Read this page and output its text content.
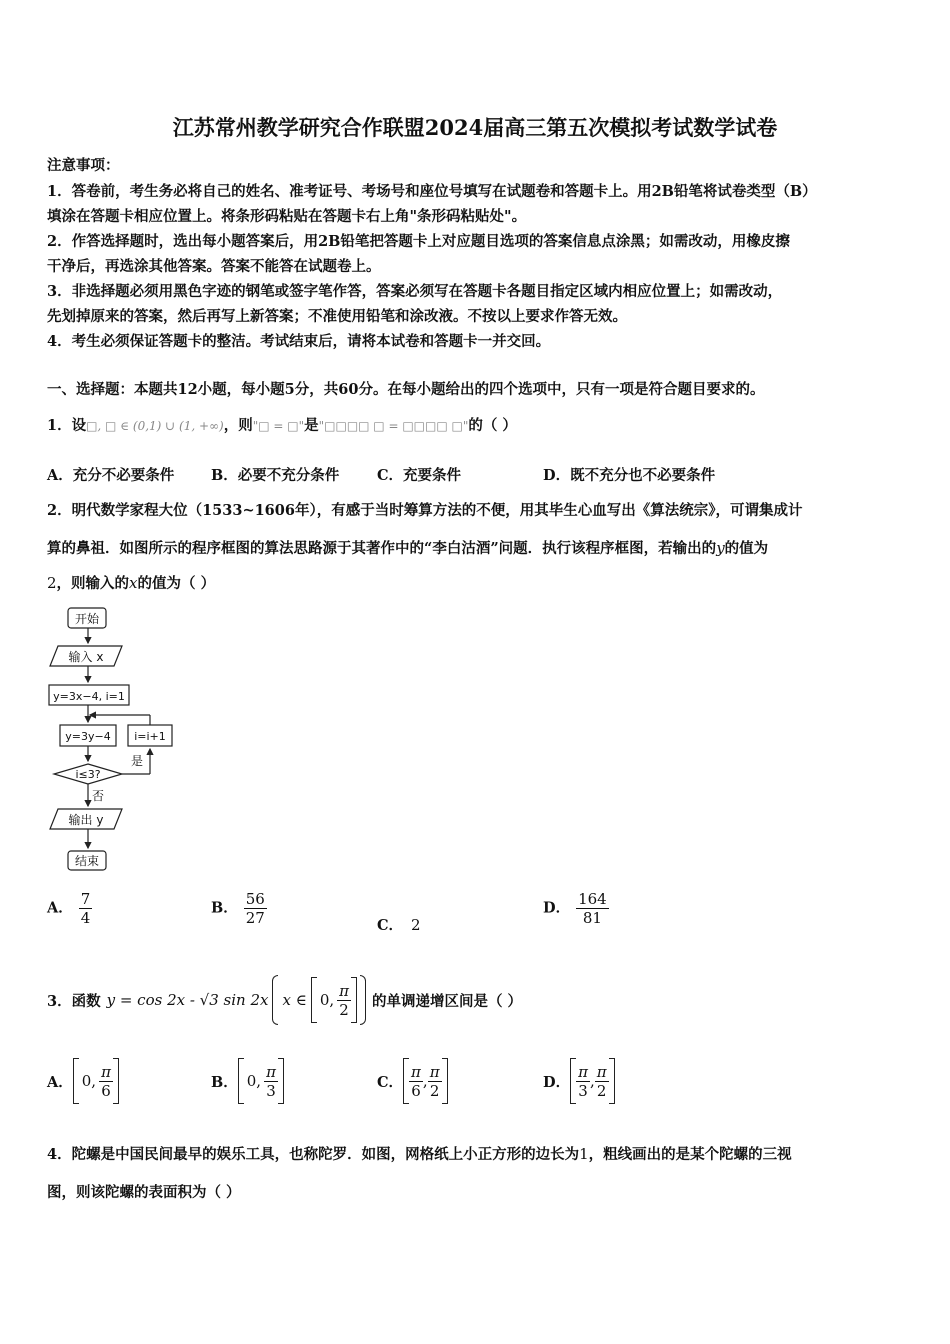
江苏常州教学研究合作联盟2024届高三第五次模拟考试数学试卷
注意事项：
1．答卷前，考生务必将自己的姓名、准考证号、考场号和座位号填写在试题卷和答题卡上。用2B铅笔将试卷类型（B）
填涂在答题卡相应位置上。将条形码粘贴在答题卡右上角"条形码粘贴处"。
2．作答选择题时，选出每小题答案后，用2B铅笔把答题卡上对应题目选项的答案信息点涂黑；如需改动，用橡皮擦
干净后，再选涂其他答案。答案不能答在试题卷上。
3．非选择题必须用黑色字迹的钢笔或签字笔作答，答案必须写在答题卡各题目指定区域内相应位置上；如需改动，
先划掉原来的答案，然后再写上新答案；不准使用铅笔和涂改液。不按以上要求作答无效。
4．考生必须保证答题卡的整洁。考试结束后，请将本试卷和答题卡一并交回。
一、选择题：本题共12小题，每小题5分，共60分。在每小题给出的四个选项中，只有一项是符合题目要求的。
1．设□, □ ∈ (0,1) ∪ (1, +∞)，则"□ = □"是"□□□□ □ = □□□□ □"的（ ）
A．充分不必要条件	B．必要不充分条件	C．充要条件	D．既不充分也不必要条件
2．明代数学家程大位（1533~1606年），有感于当时筹算方法的不便，用其毕生心血写出《算法统宗》，可谓集成计
算的鼻祖．如图所示的程序框图的算法思路源于其著作中的“李白沽酒”问题．执行该程序框图，若输出的y的值为
2，则输入的x的值为（ ）
开始
输入 x
y=3x−4, i=1
y=3y−4 i=i+1
i≤3?
是
否
输出 y
结束
A． $\frac{7}{4}$	B． $\frac{56}{27}$	C． 2
D． $\frac{164}{81}$
3．函数 y = cos 2x - √3 sin 2x x ∈ 0, $\frac{\pi}{2}$ 的单调递增区间是（ ）
A． 0, $\frac{\pi}{6}$	B． 0, $\frac{\pi}{3}$	C． $\frac{\pi}{6}$ , $\frac{\pi}{2}$	D． $\frac{\pi}{3}$ , $\frac{\pi}{2}$
4．陀螺是中国民间最早的娱乐工具，也称陀罗．如图，网格纸上小正方形的边长为1，粗线画出的是某个陀螺的三视
图，则该陀螺的表面积为（ ）
